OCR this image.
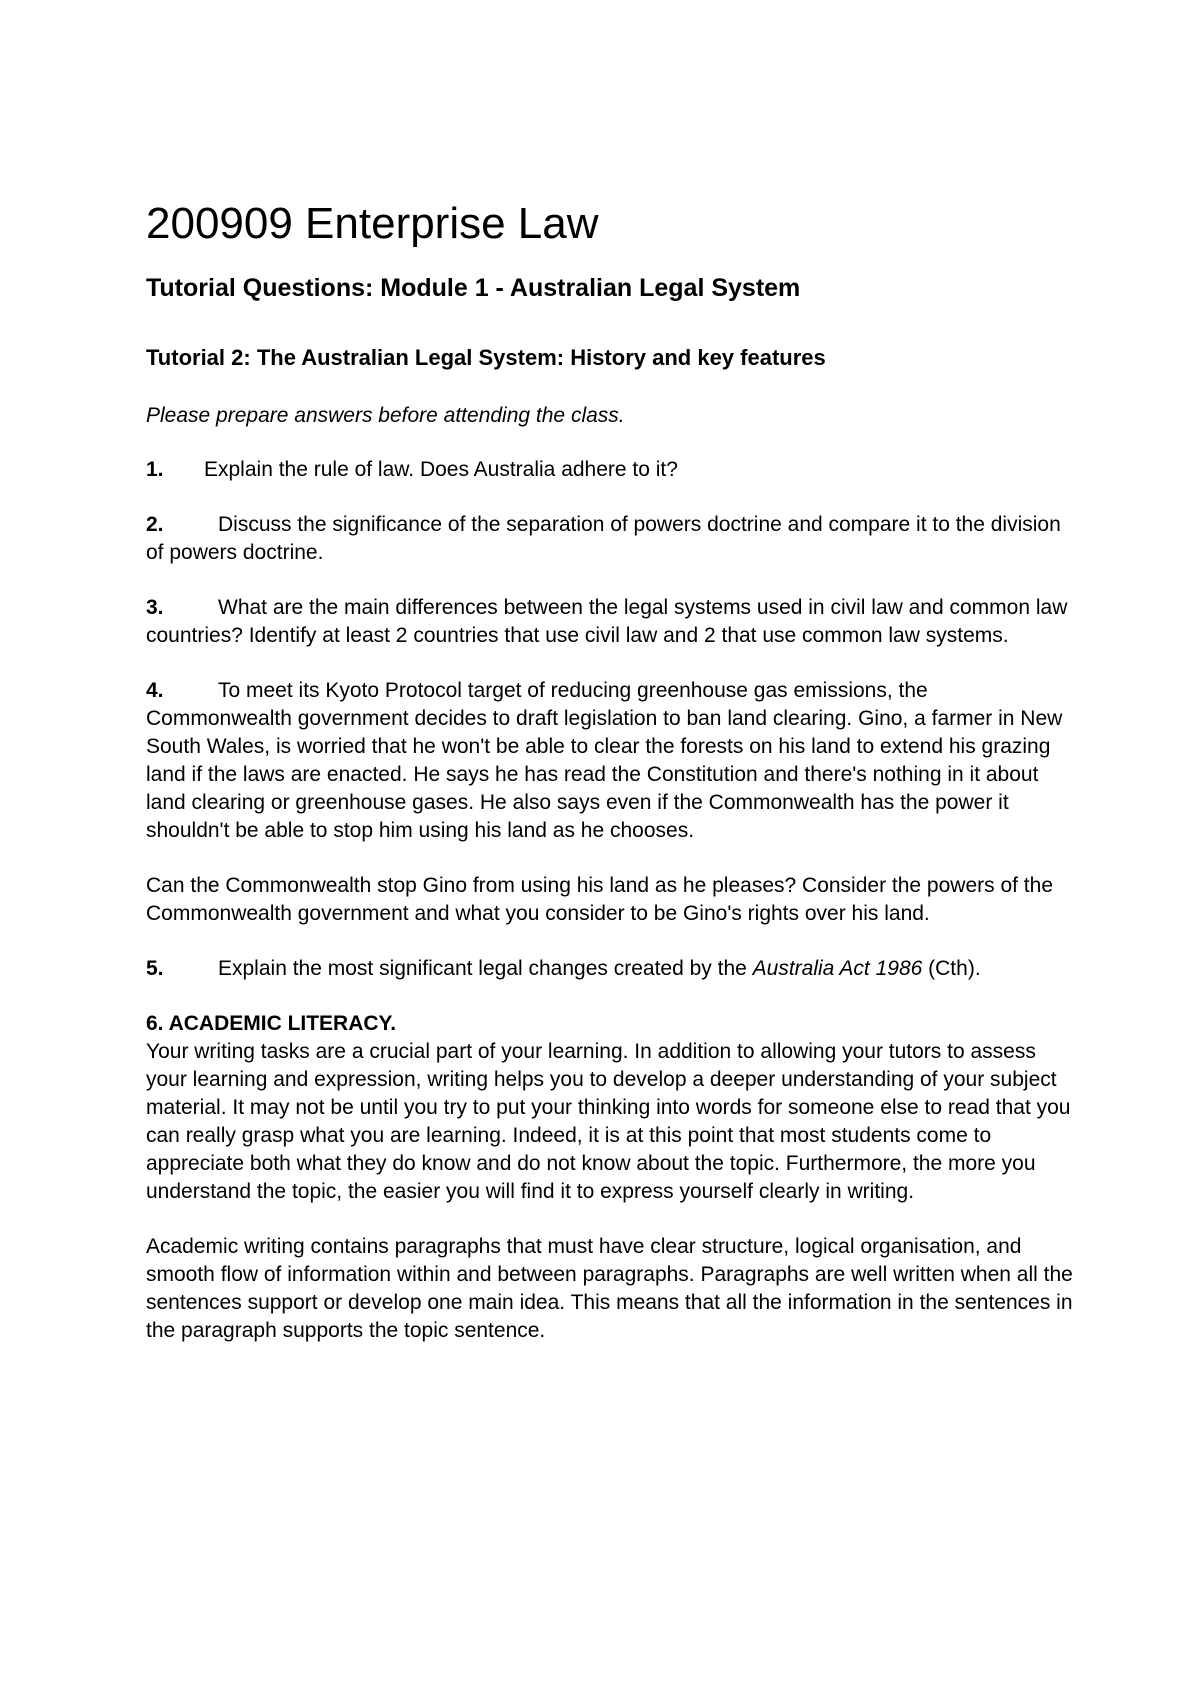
200909 Enterprise Law
Tutorial Questions: Module 1 - Australian Legal System
Tutorial 2: The Australian Legal System: History and key features
Please prepare answers before attending the class.

1. Explain the rule of law. Does Australia adhere to it?

2.	Discuss the significance of the separation of powers doctrine and compare it to the division of powers doctrine.

3.	What are the main differences between the legal systems used in civil law and common law countries? Identify at least 2 countries that use civil law and 2 that use common law systems.

4.	To meet its Kyoto Protocol target of reducing greenhouse gas emissions, the Commonwealth government decides to draft legislation to ban land clearing. Gino, a farmer in New South Wales, is worried that he won't be able to clear the forests on his land to extend his grazing land if the laws are enacted. He says he has read the Constitution and there's nothing in it about land clearing or greenhouse gases. He also says even if the Commonwealth has the power it shouldn't be able to stop him using his land as he chooses.

Can the Commonwealth stop Gino from using his land as he pleases? Consider the powers of the Commonwealth government and what you consider to be Gino's rights over his land.

5.	Explain the most significant legal changes created by the Australia Act 1986 (Cth).

6. ACADEMIC LITERACY.
Your writing tasks are a crucial part of your learning. In addition to allowing your tutors to assess your learning and expression, writing helps you to develop a deeper understanding of your subject material. It may not be until you try to put your thinking into words for someone else to read that you can really grasp what you are learning. Indeed, it is at this point that most students come to appreciate both what they do know and do not know about the topic. Furthermore, the more you understand the topic, the easier you will find it to express yourself clearly in writing.

Academic writing contains paragraphs that must have clear structure, logical organisation, and smooth flow of information within and between paragraphs. Paragraphs are well written when all the sentences support or develop one main idea. This means that all the information in the sentences in the paragraph supports the topic sentence.
